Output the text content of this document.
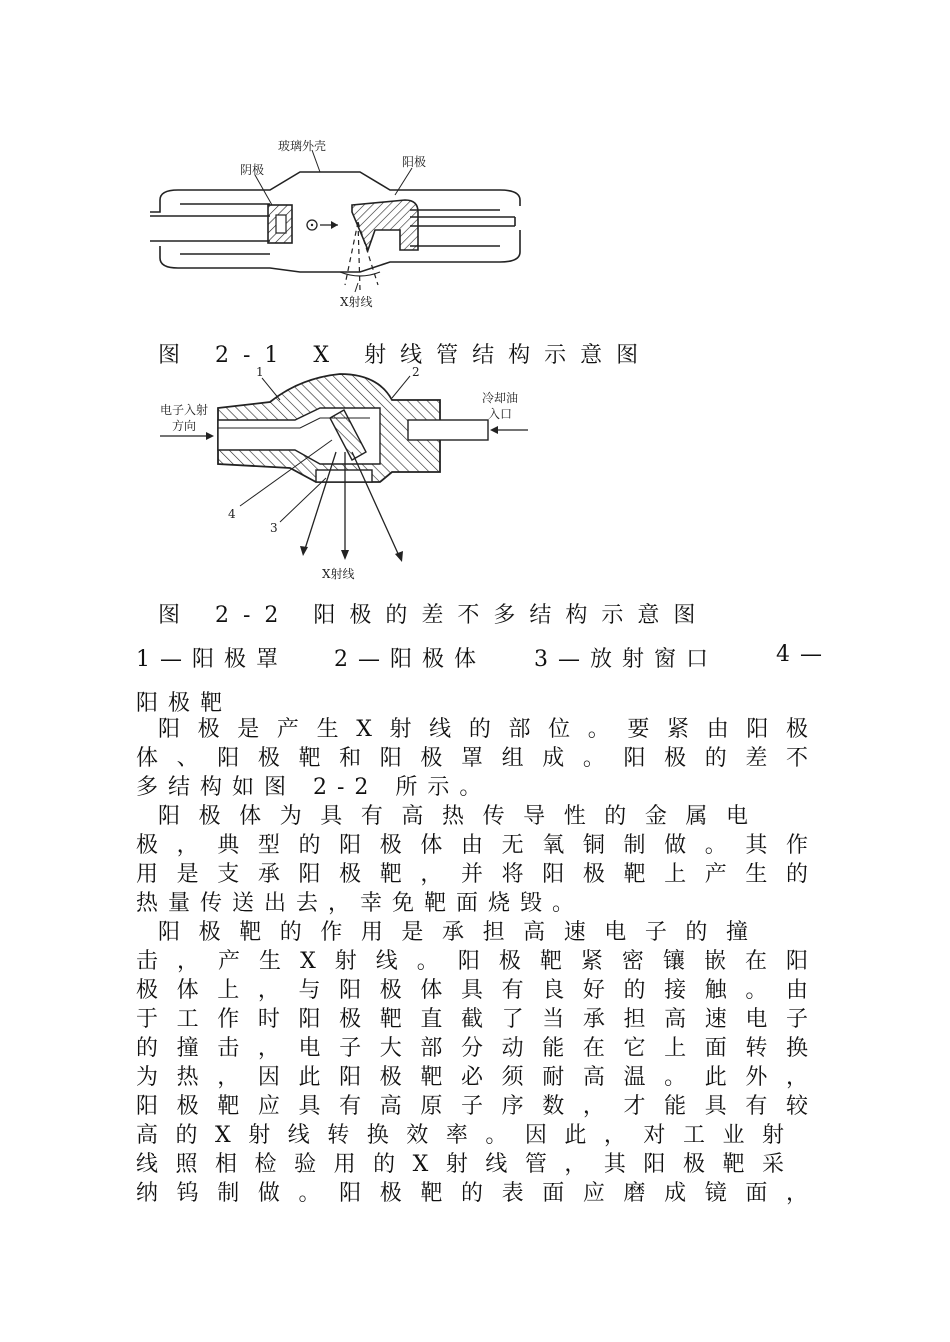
玻璃外壳
阴极
阳极
X射线
图 2-1 X 射线管结构示意图
1	2
3
4
电子入射
方向
冷却油
入口
X射线
图 2-2 阳极的差不多结构示意图
1—阳极罩 2—阳极体 3—放射窗口	4—
阳极靶
阳极是产生X射线的部位。要紧由阳极
体、阳极靶和阳极罩组成。阳极的差不
多结构如图 2-2 所示。
阳极体为具有高热传导性的金属电
极，典型的阳极体由无氧铜制做。其作
用是支承阳极靶，并将阳极靶上产生的
热量传送出去，幸免靶面烧毁。
阳极靶的作用是承担高速电子的撞
击，产生X射线。阳极靶紧密镶嵌在阳
极体上，与阳极体具有良好的接触。由
于工作时阳极靶直截了当承担高速电子
的撞击，电子大部分动能在它上面转换
为热，因此阳极靶必须耐高温。此外，
阳极靶应具有高原子序数，才能具有较
高的X射线转换效率。因此，对工业射
线照相检验用的X射线管，其阳极靶采
纳钨制做。阳极靶的表面应磨成镜面，
